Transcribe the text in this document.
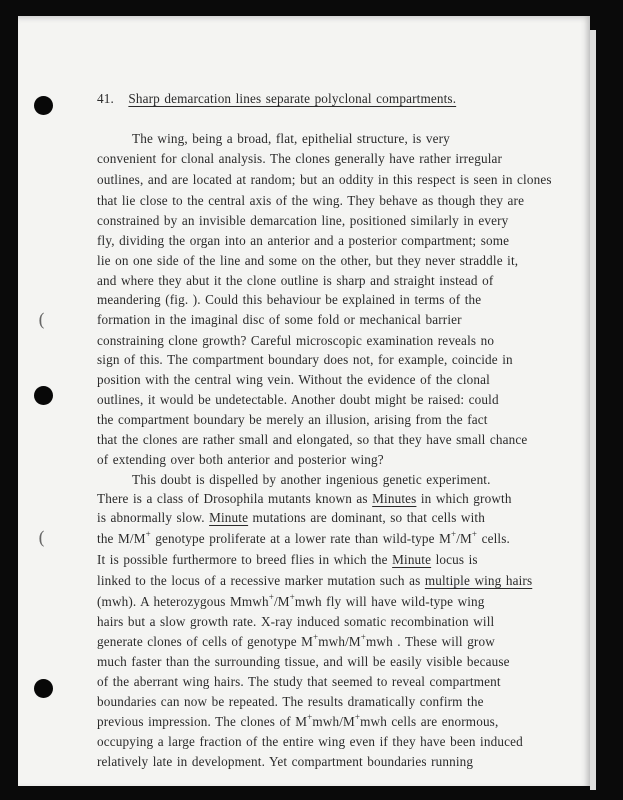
(
(
41. Sharp demarcation lines separate polyclonal compartments.
The wing, being a broad, flat, epithelial structure, is very
convenient for clonal analysis. The clones generally have rather irregular
outlines, and are located at random; but an oddity in this respect is seen in clones
that lie close to the central axis of the wing. They behave as though they are
constrained by an invisible demarcation line, positioned similarly in every
fly, dividing the organ into an anterior and a posterior compartment; some
lie on one side of the line and some on the other, but they never straddle it,
and where they abut it the clone outline is sharp and straight instead of
meandering (fig. ). Could this behaviour be explained in terms of the
formation in the imaginal disc of some fold or mechanical barrier
constraining clone growth? Careful microscopic examination reveals no
sign of this. The compartment boundary does not, for example, coincide in
position with the central wing vein. Without the evidence of the clonal
outlines, it would be undetectable. Another doubt might be raised: could
the compartment boundary be merely an illusion, arising from the fact
that the clones are rather small and elongated, so that they have small chance
of extending over both anterior and posterior wing?
This doubt is dispelled by another ingenious genetic experiment.
There is a class of Drosophila mutants known as Minutes in which growth
is abnormally slow. Minute mutations are dominant, so that cells with
the M/M+ genotype proliferate at a lower rate than wild-type M+/M+ cells.
It is possible furthermore to breed flies in which the Minute locus is
linked to the locus of a recessive marker mutation such as multiple wing hairs
(mwh). A heterozygous Mmwh+/M+mwh fly will have wild-type wing
hairs but a slow growth rate. X-ray induced somatic recombination will
generate clones of cells of genotype M+mwh/M+mwh . These will grow
much faster than the surrounding tissue, and will be easily visible because
of the aberrant wing hairs. The study that seemed to reveal compartment
boundaries can now be repeated. The results dramatically confirm the
previous impression. The clones of M+mwh/M+mwh cells are enormous,
occupying a large fraction of the entire wing even if they have been induced
relatively late in development. Yet compartment boundaries running
